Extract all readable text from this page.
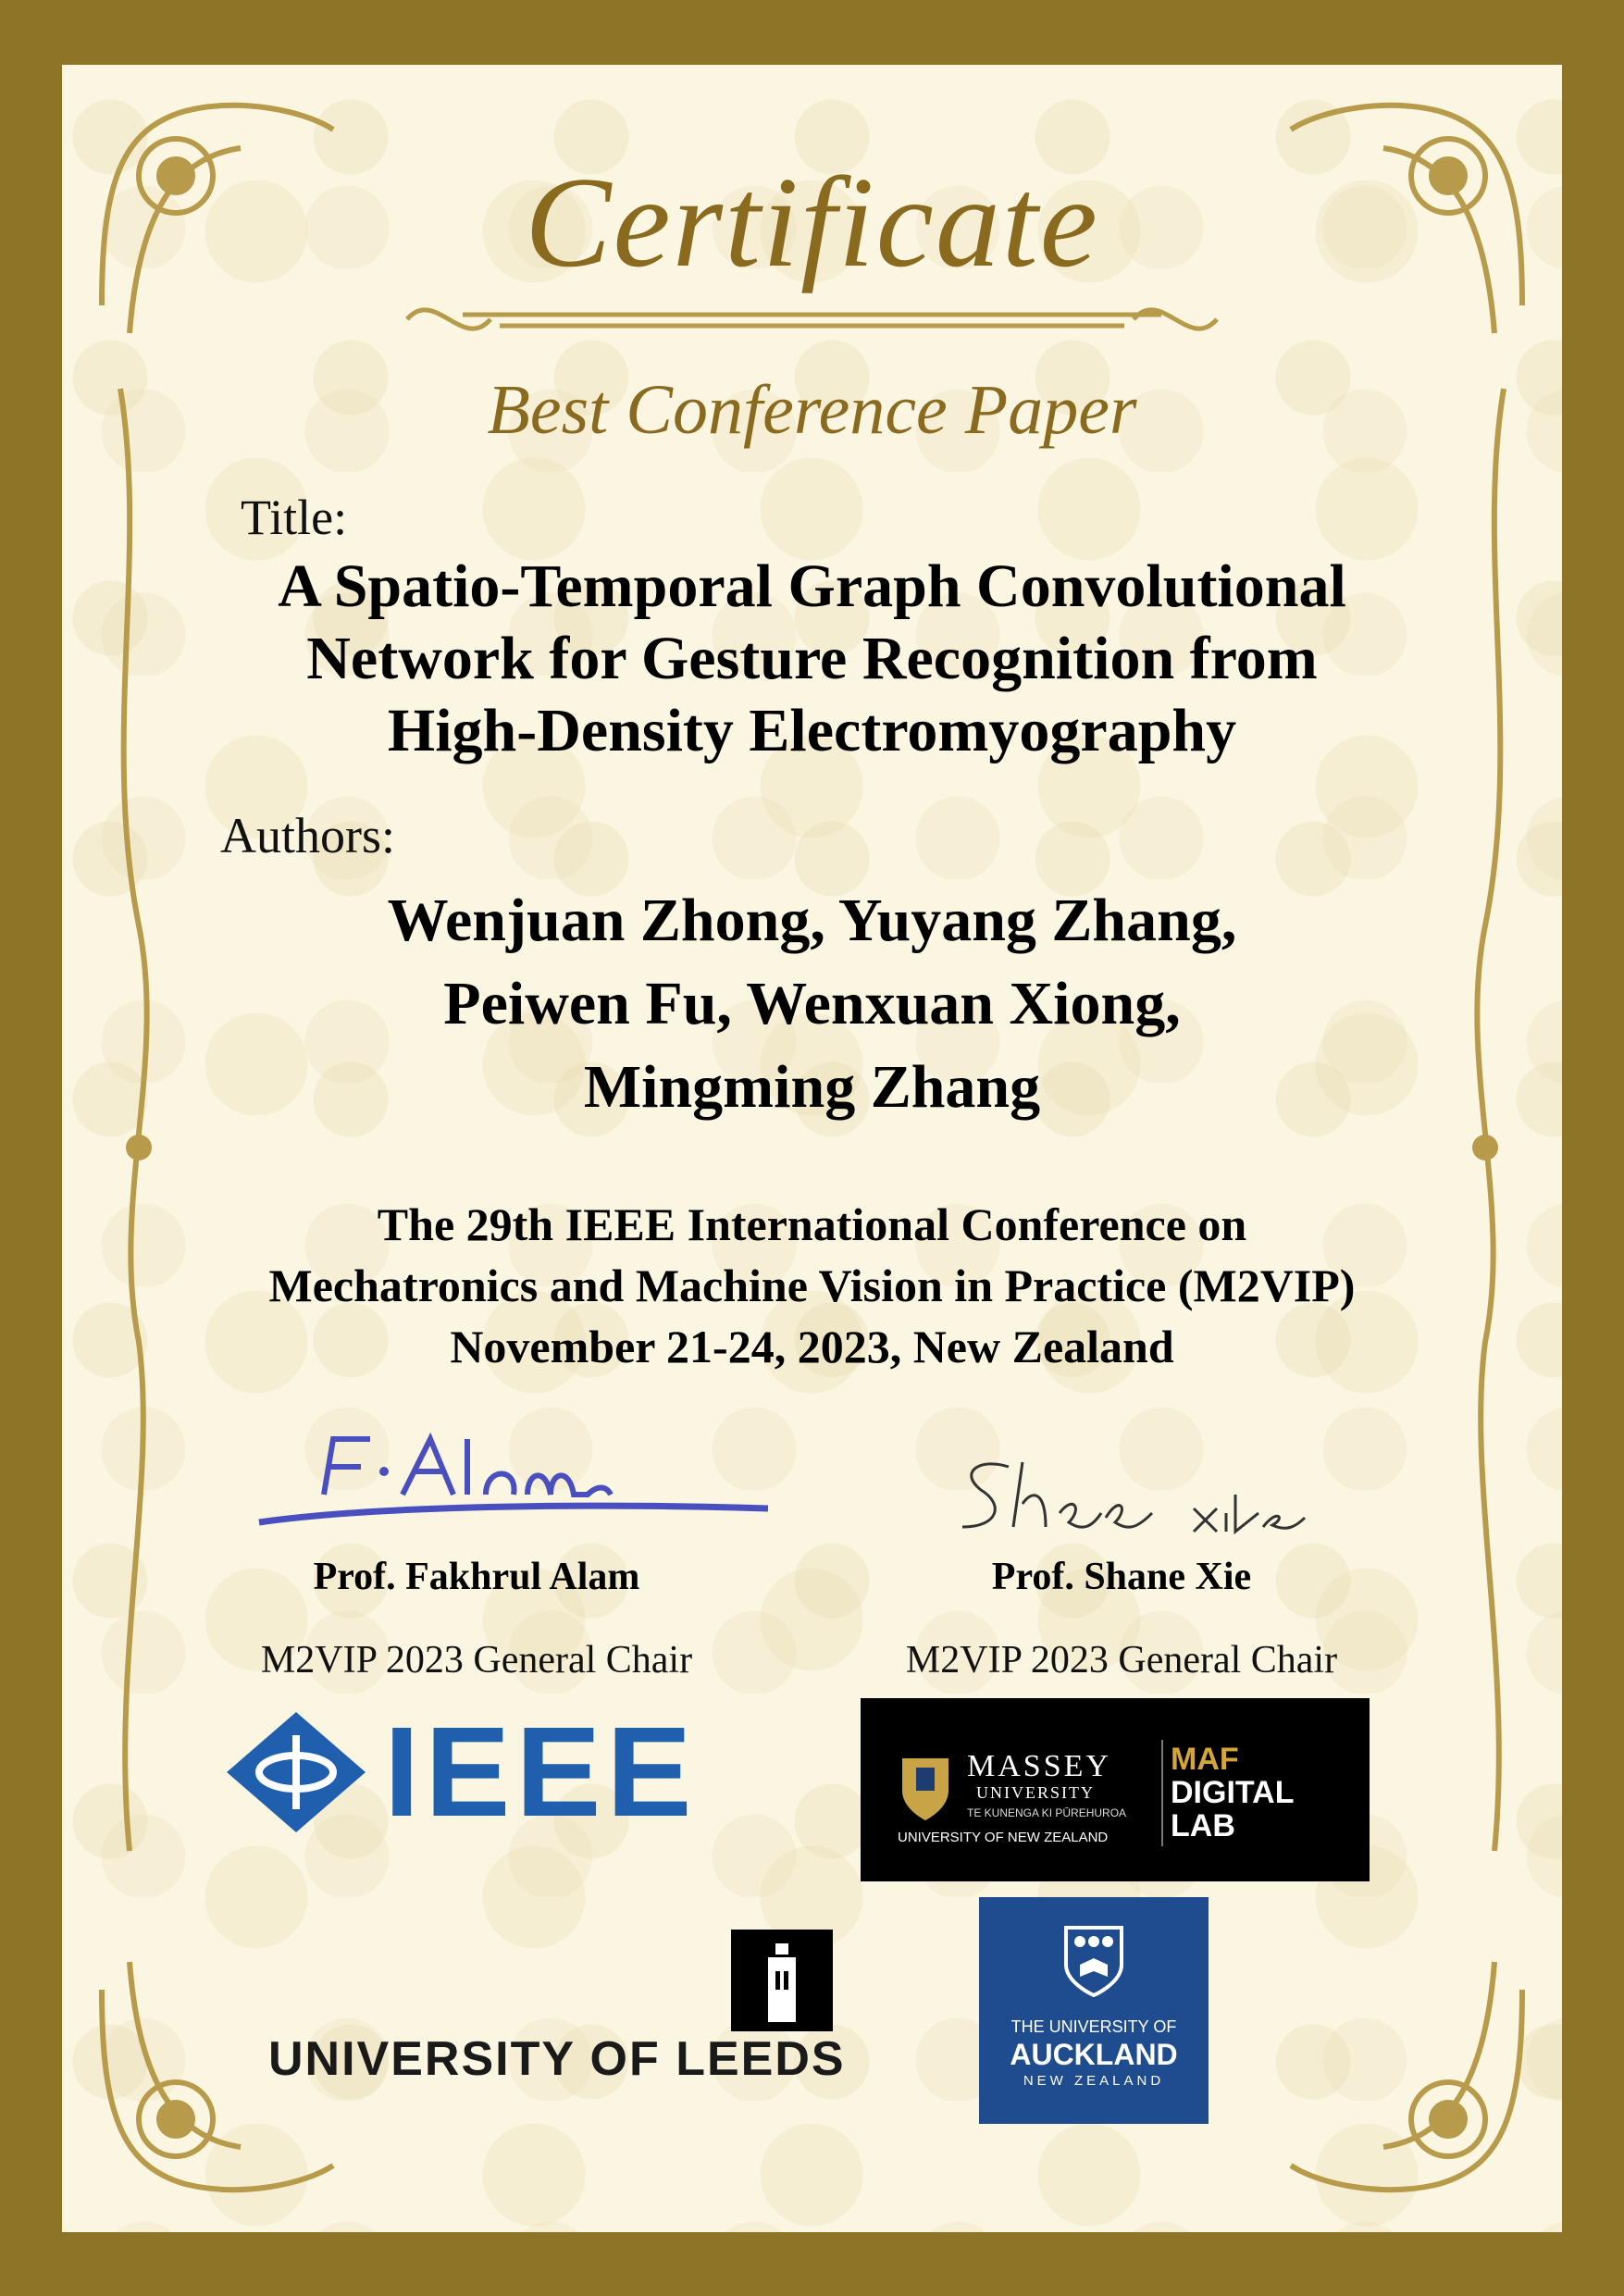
Certificate
Best Conference Paper
Title:
A Spatio-Temporal Graph Convolutional
Network for Gesture Recognition from
High-Density Electromyography
Authors:
Wenjuan Zhong, Yuyang Zhang,
Peiwen Fu, Wenxuan Xiong,
Mingming Zhang
The 29th IEEE International Conference on
Mechatronics and Machine Vision in Practice (M2VIP)
November 21-24, 2023, New Zealand
Prof. Fakhrul Alam	Prof. Shane Xie
M2VIP 2023 General Chair	M2VIP 2023 General Chair
IEEE	MASSEY
UNIVERSITY
TE KUNENGA KI PŪREHUROA
UNIVERSITY OF NEW ZEALAND
MAF
DIGITAL
LAB
UNIVERSITY OF LEEDS
THE UNIVERSITY OF
AUCKLAND
NEW ZEALAND
